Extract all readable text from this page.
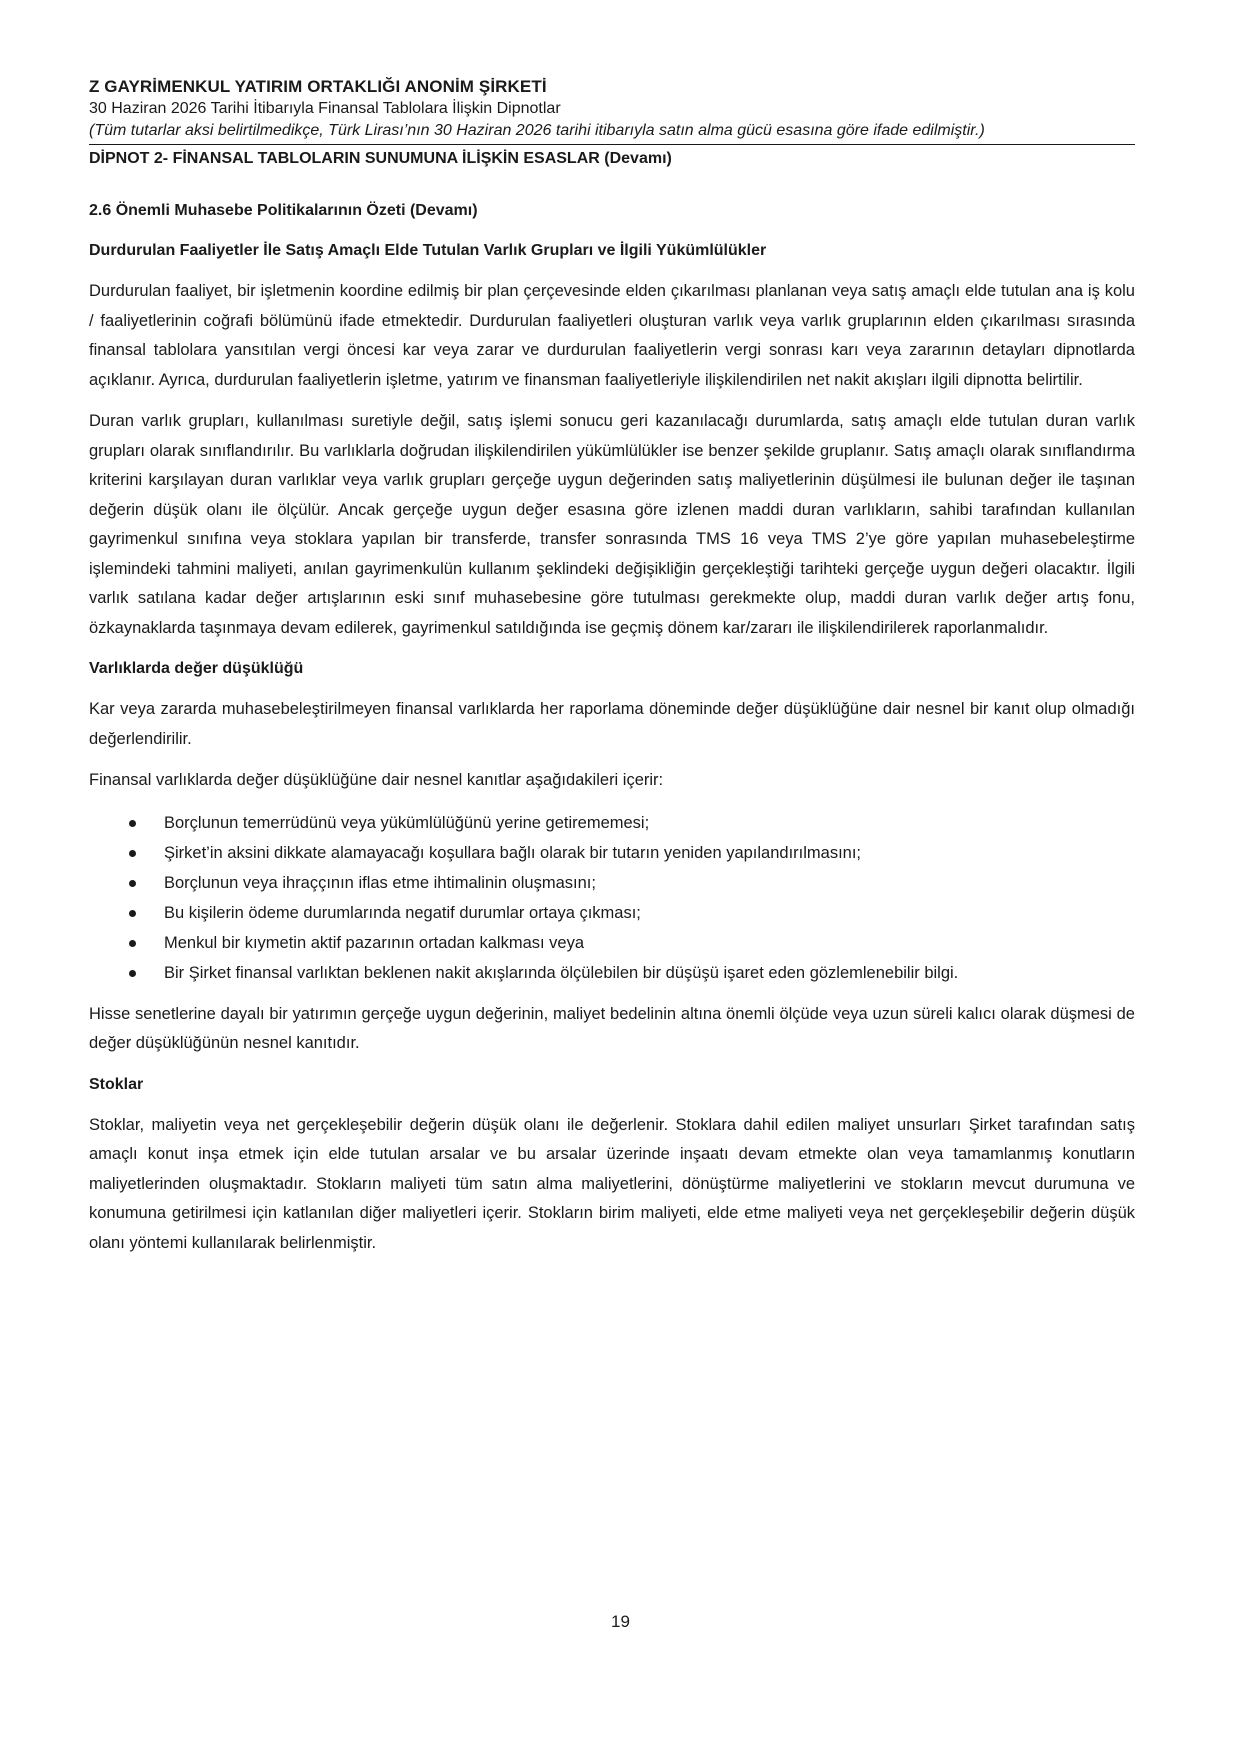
Z GAYRİMENKUL YATIRIM ORTAKLIĞI ANONİM ŞİRKETİ
30 Haziran 2026 Tarihi İtibarıyla Finansal Tablolara İlişkin Dipnotlar
(Tüm tutarlar aksi belirtilmedikçe, Türk Lirası’nın 30 Haziran 2026 tarihi itibarıyla satın alma gücü esasına göre ifade edilmiştir.)
DİPNOT 2- FİNANSAL TABLOLARIN SUNUMUNA İLİŞKİN ESASLAR (Devamı)
2.6 Önemli Muhasebe Politikalarının Özeti (Devamı)
Durdurulan Faaliyetler İle Satış Amaçlı Elde Tutulan Varlık Grupları ve İlgili Yükümlülükler

Durdurulan faaliyet, bir işletmenin koordine edilmiş bir plan çerçevesinde elden çıkarılması planlanan veya satış amaçlı elde tutulan ana iş kolu / faaliyetlerinin coğrafi bölümünü ifade etmektedir. Durdurulan faaliyetleri oluşturan varlık veya varlık gruplarının elden çıkarılması sırasında finansal tablolara yansıtılan vergi öncesi kar veya zarar ve durdurulan faaliyetlerin vergi sonrası karı veya zararının detayları dipnotlarda açıklanır. Ayrıca, durdurulan faaliyetlerin işletme, yatırım ve finansman faaliyetleriyle ilişkilendirilen net nakit akışları ilgili dipnotta belirtilir.

Duran varlık grupları, kullanılması suretiyle değil, satış işlemi sonucu geri kazanılacağı durumlarda, satış amaçlı elde tutulan duran varlık grupları olarak sınıflandırılır. Bu varlıklarla doğrudan ilişkilendirilen yükümlülükler ise benzer şekilde gruplanır. Satış amaçlı olarak sınıflandırma kriterini karşılayan duran varlıklar veya varlık grupları gerçeğe uygun değerinden satış maliyetlerinin düşülmesi ile bulunan değer ile taşınan değerin düşük olanı ile ölçülür. Ancak gerçeğe uygun değer esasına göre izlenen maddi duran varlıkların, sahibi tarafından kullanılan gayrimenkul sınıfına veya stoklara yapılan bir transferde, transfer sonrasında TMS 16 veya TMS 2’ye göre yapılan muhasebeleştirme işlemindeki tahmini maliyeti, anılan gayrimenkulün kullanım şeklindeki değişikliğin gerçekleştiği tarihteki gerçeğe uygun değeri olacaktır. İlgili varlık satılana kadar değer artışlarının eski sınıf muhasebesine göre tutulması gerekmekte olup, maddi duran varlık değer artış fonu, özkaynaklarda taşınmaya devam edilerek, gayrimenkul satıldığında ise geçmiş dönem kar/zararı ile ilişkilendirilerek raporlanmalıdır.

Varlıklarda değer düşüklüğü

Kar veya zararda muhasebeleştirilmeyen finansal varlıklarda her raporlama döneminde değer düşüklüğüne dair nesnel bir kanıt olup olmadığı değerlendirilir.

Finansal varlıklarda değer düşüklüğüne dair nesnel kanıtlar aşağıdakileri içerir:

Borçlunun temerrüdünü veya yükümlülüğünü yerine getirememesi;
Şirket’in aksini dikkate alamayacağı koşullara bağlı olarak bir tutarın yeniden yapılandırılmasını;
Borçlunun veya ihraççının iflas etme ihtimalinin oluşmasını;
Bu kişilerin ödeme durumlarında negatif durumlar ortaya çıkması;
Menkul bir kıymetin aktif pazarının ortadan kalkması veya
Bir Şirket finansal varlıktan beklenen nakit akışlarında ölçülebilen bir düşüşü işaret eden gözlemlenebilir bilgi.

Hisse senetlerine dayalı bir yatırımın gerçeğe uygun değerinin, maliyet bedelinin altına önemli ölçüde veya uzun süreli kalıcı olarak düşmesi de değer düşüklüğünün nesnel kanıtıdır.

Stoklar

Stoklar, maliyetin veya net gerçekleşebilir değerin düşük olanı ile değerlenir. Stoklara dahil edilen maliyet unsurları Şirket tarafından satış amaçlı konut inşa etmek için elde tutulan arsalar ve bu arsalar üzerinde inşaatı devam etmekte olan veya tamamlanmış konutların maliyetlerinden oluşmaktadır. Stokların maliyeti tüm satın alma maliyetlerini, dönüştürme maliyetlerini ve stokların mevcut durumuna ve konumuna getirilmesi için katlanılan diğer maliyetleri içerir. Stokların birim maliyeti, elde etme maliyeti veya net gerçekleşebilir değerin düşük olanı yöntemi kullanılarak belirlenmiştir.

19
